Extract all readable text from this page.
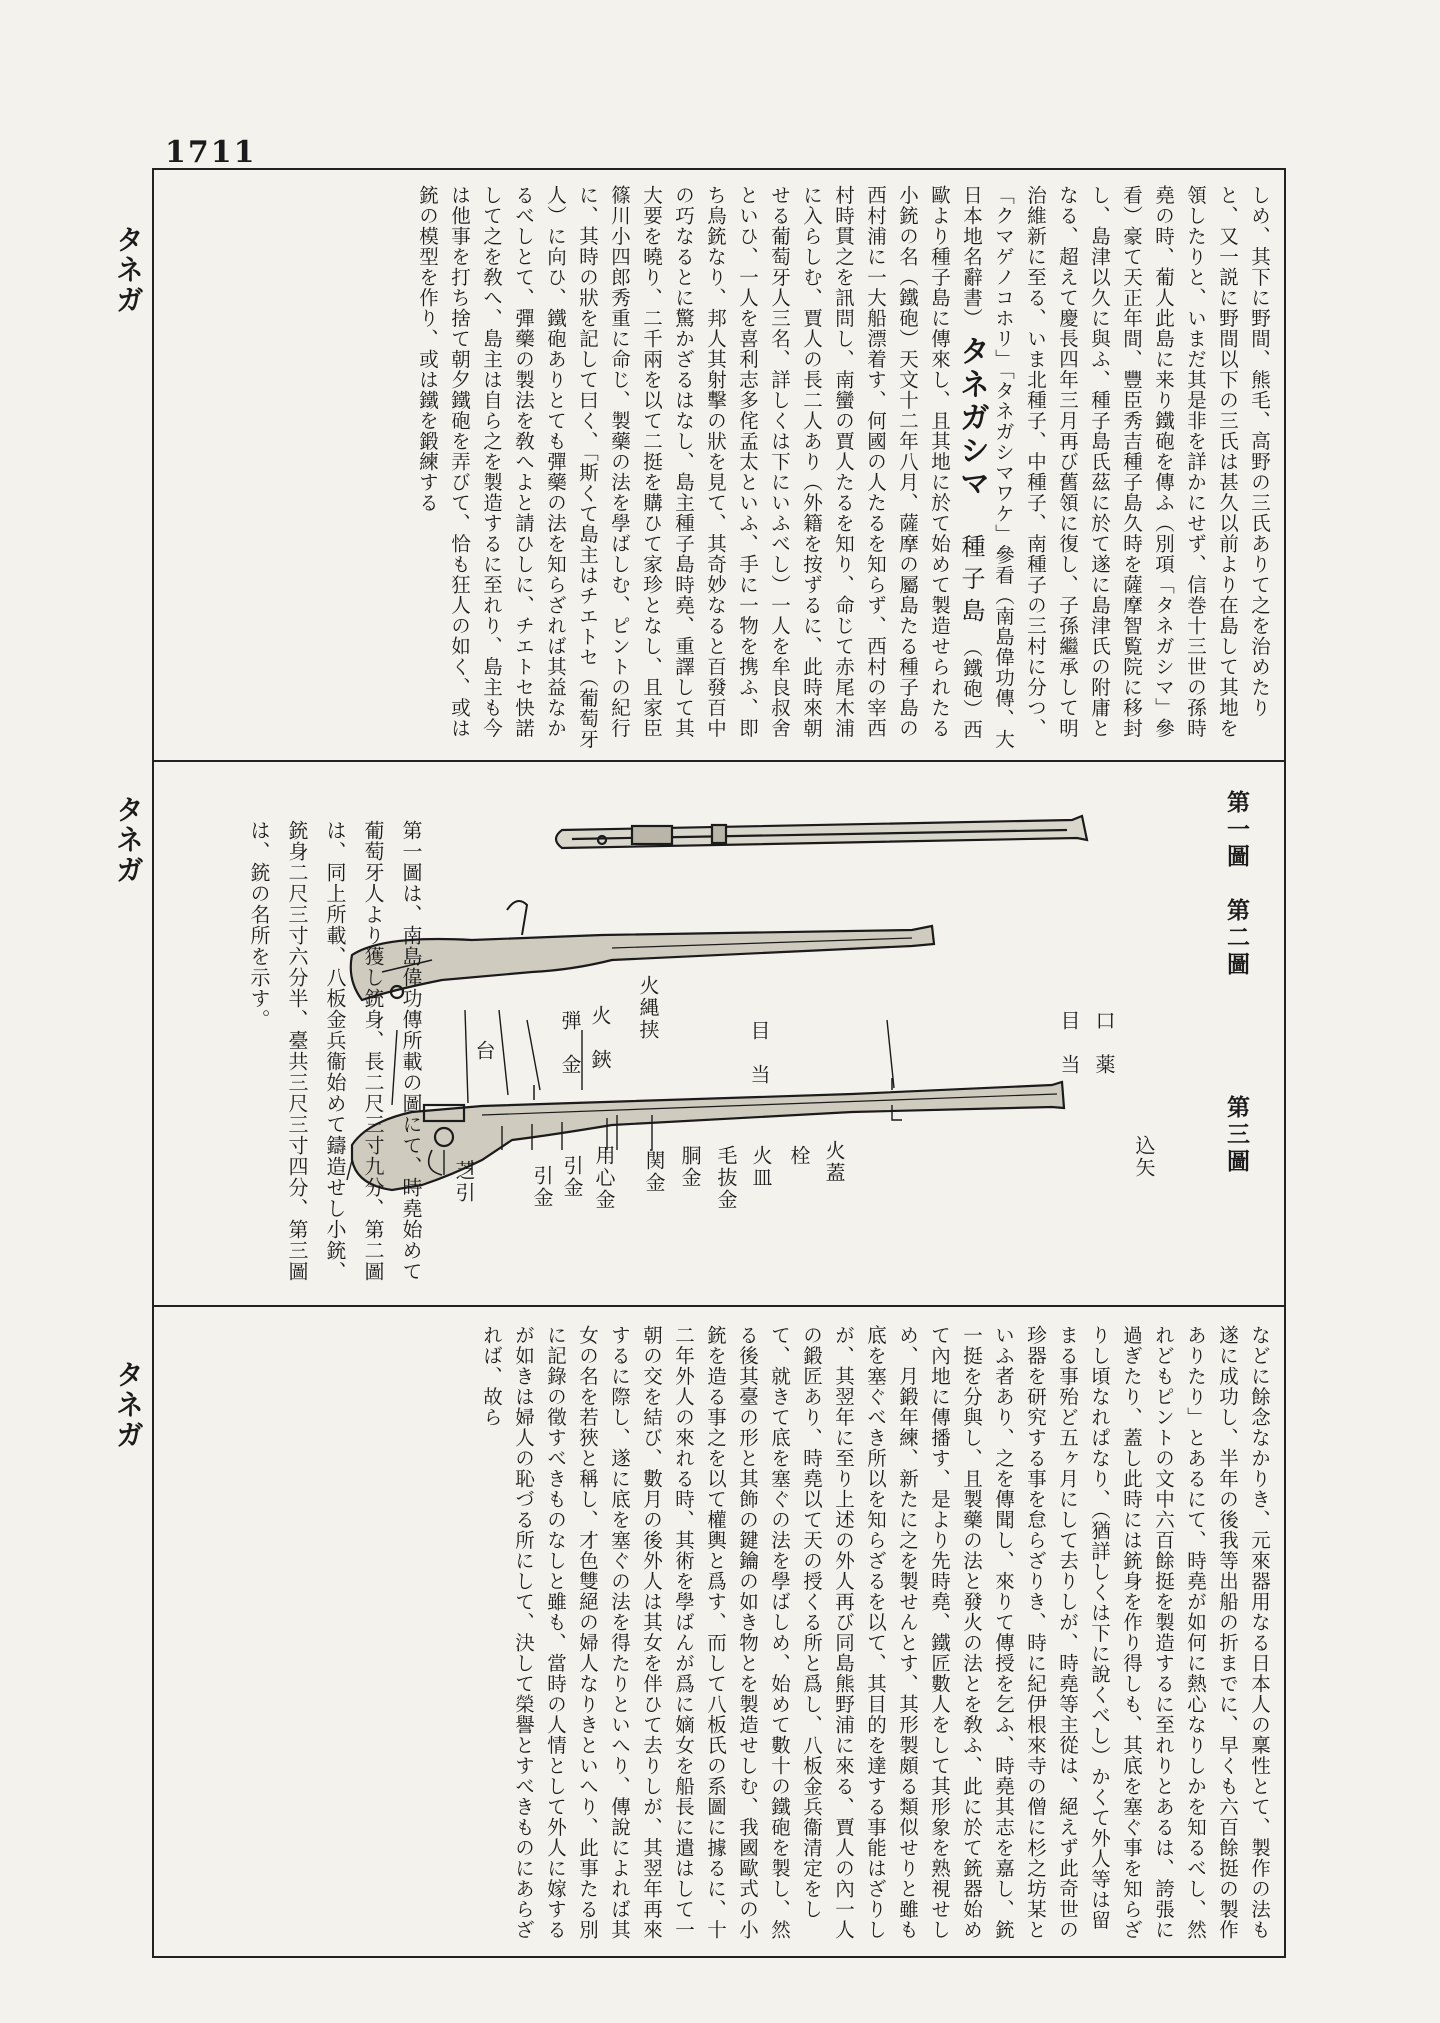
1711
タネガ
タネガ
タネガ
しめ、其下に野間、熊毛、高野の三氏ありて之を治めたりと、又一説に野間以下の三氏は甚久以前より在島して其地を領したりと、いまだ其是非を詳かにせず、信巻十三世の孫時堯の時、葡人此島に来り鐵砲を傳ふ（別項「タネガシマ」參看）豪て天正年間、豐臣秀吉種子島久時を薩摩智覧院に移封し、島津以久に與ふ、種子島氏茲に於て遂に島津氏の附庸となる、超えて慶長四年三月再び舊領に復し、子孫繼承して明治維新に至る、いま北種子、中種子、南種子の三村に分つ、「クマゲノコホリ」「タネガシマワケ」參看（南島偉功傳、大日本地名辭書） タネガシマ 種子島 （鐵砲）西歐より種子島に傳來し、且其地に於て始めて製造せられたる小銃の名（鐵砲）天文十二年八月、薩摩の屬島たる種子島の西村浦に一大船漂着す、何國の人たるを知らず、西村の宰西村時貫之を訊問し、南蠻の賈人たるを知り、命じて赤尾木浦に入らしむ、賈人の長二人あり（外籍を按ずるに、此時來朝せる葡萄牙人三名、詳しくは下にいふべし）一人を牟良叔舍といひ、一人を喜利志多侘孟太といふ、手に一物を携ふ、即ち鳥銃なり、邦人其射擊の狀を見て、其奇妙なると百發百中の巧なるとに驚かざるはなし、島主種子島時堯、重譯して其大要を曉り、二千兩を以て二挺を購ひて家珍となし、且家臣篠川小四郎秀重に命じ、製藥の法を學ばしむ、ピントの紀行に、其時の狀を記して曰く、「斯くて島主はチエトセ（葡萄牙人）に向ひ、鐵砲ありとても彈藥の法を知らざれば其益なかるべしとて、彈藥の製法を敎へよと請ひしに、チエトセ快諾して之を敎へ、島主は自ら之を製造するに至れり、島主も今は他事を打ち捨て朝夕鐵砲を弄びて、恰も狂人の如く、或は銃の模型を作り、或は鐵を鍛練する
第一圖　第二圖
第三圖
口　薬
目　当
目　当
火縄挟
火　鋏
弾　金
台
込矢
火蓋
栓
火皿
毛抜金
胴金
関金
用心金
引金
引金
芝引
第一圖は、南島偉功傳所載の圖にて、時堯始めて葡萄牙人より獲し銃身、長二尺三寸九分、第二圖は、同上所載、八板金兵衞始めて鑄造せし小銃、銃身二尺三寸六分半、臺共三尺三寸四分、第三圖は、銃の名所を示す。
などに餘念なかりき、元來器用なる日本人の稟性とて、製作の法も遂に成功し、半年の後我等出船の折までに、早くも六百餘挺の製作ありたり」とあるにて、時堯が如何に熱心なりしかを知るべし、然れどもピントの文中六百餘挺を製造するに至れりとあるは、誇張に過ぎたり、蓋し此時には銃身を作り得しも、其底を塞ぐ事を知らざりし頃なれぱなり、（猶詳しくは下に說くべし）かくて外人等は留まる事殆ど五ヶ月にして去りしが、時堯等主從は、絕えず此奇世の珍器を研究する事を怠らざりき、時に紀伊根來寺の僧に杉之坊某といふ者あり、之を傳聞し、來りて傳授を乞ふ、時堯其志を嘉し、銃一挺を分與し、且製藥の法と發火の法とを敎ふ、此に於て銃器始めて內地に傳播す、是より先時堯、鐵匠數人をして其形象を熟視せしめ、月鍛年練、新たに之を製せんとす、其形製頗る類似せりと雖も底を塞ぐべき所以を知らざるを以て、其目的を達する事能はざりしが、其翌年に至り上述の外人再び同島熊野浦に來る、賈人の內一人の鍛匠あり、時堯以て天の授くる所と爲し、八板金兵衞清定をして、就きて底を塞ぐの法を學ばしめ、始めて數十の鐵砲を製し、然る後其臺の形と其飾の鍵鑰の如き物とを製造せしむ、我國歐式の小銃を造る事之を以て權輿と爲す、而して八板氏の系圖に據るに、十二年外人の來れる時、其術を學ばんが爲に嫡女を船長に遣はして一朝の交を結び、數月の後外人は其女を伴ひて去りしが、其翌年再來するに際し、遂に底を塞ぐの法を得たりといへり、傳說によれば其女の名を若狹と稱し、才色雙絕の婦人なりきといへり、此事たる別に記錄の徵すべきものなしと雖も、當時の人情として外人に嫁するが如きは婦人の恥づる所にして、決して榮譽とすべきものにあらざれば、故ら
